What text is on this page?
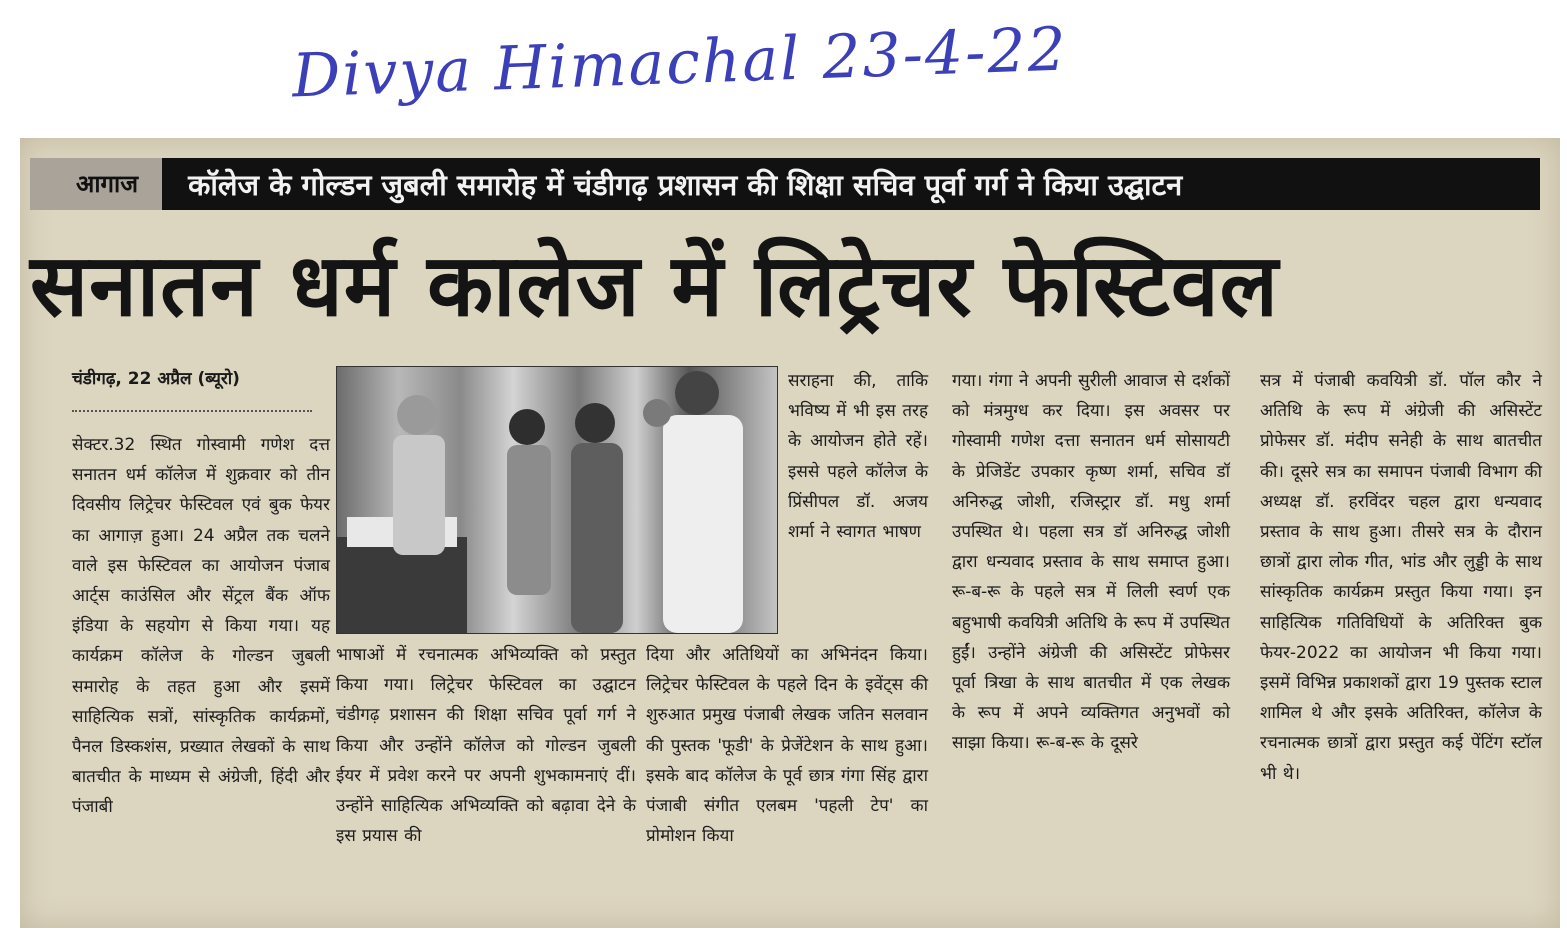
Divya Himachal 23-4-22
आगाज	कॉलेज के गोल्डन जुबली समारोह में चंडीगढ़ प्रशासन की शिक्षा सचिव पूर्वा गर्ग ने किया उद्घाटन
सनातन धर्म कालेज में लिट्रेचर फेस्टिवल
चंडीगढ़, 22 अप्रैल (ब्यूरो)
सेक्टर.32 स्थित गोस्वामी गणेश दत्त सनातन धर्म कॉलेज में शुक्रवार को तीन दिवसीय लिट्रेचर फेस्टिवल एवं बुक फेयर का आगाज़ हुआ। 24 अप्रैल तक चलने वाले इस फेस्टिवल का आयोजन पंजाब आर्ट्स काउंसिल और सेंट्रल बैंक ऑफ इंडिया के सहयोग से किया गया। यह कार्यक्रम कॉलेज के गोल्डन जुबली समारोह के तहत हुआ और इसमें साहित्यिक सत्रों, सांस्कृतिक कार्यक्रमों, पैनल डिस्कशंस, प्रख्यात लेखकों के साथ बातचीत के माध्यम से अंग्रेजी, हिंदी और पंजाबी
भाषाओं में रचनात्मक अभिव्यक्ति को प्रस्तुत किया गया। लिट्रेचर फेस्टिवल का उद्घाटन चंडीगढ़ प्रशासन की शिक्षा सचिव पूर्वा गर्ग ने किया और उन्होंने कॉलेज को गोल्डन जुबली ईयर में प्रवेश करने पर अपनी शुभकामनाएं दीं। उन्होंने साहित्यिक अभिव्यक्ति को बढ़ावा देने के इस प्रयास की
सराहना की, ताकि भविष्य में भी इस तरह के आयोजन होते रहें। इससे पहले कॉलेज के प्रिंसीपल डॉ. अजय शर्मा ने स्वागत भाषण
दिया और अतिथियों का अभिनंदन किया। लिट्रेचर फेस्टिवल के पहले दिन के इवेंट्स की शुरुआत प्रमुख पंजाबी लेखक जतिन सलवान की पुस्तक 'फूडी' के प्रेजेंटेशन के साथ हुआ। इसके बाद कॉलेज के पूर्व छात्र गंगा सिंह द्वारा पंजाबी संगीत एलबम 'पहली टेप' का प्रोमोशन किया
गया। गंगा ने अपनी सुरीली आवाज से दर्शकों को मंत्रमुग्ध कर दिया। इस अवसर पर गोस्वामी गणेश दत्ता सनातन धर्म सोसायटी के प्रेजिडेंट उपकार कृष्ण शर्मा, सचिव डॉ अनिरुद्ध जोशी, रजिस्ट्रार डॉ. मधु शर्मा उपस्थित थे। पहला सत्र डॉ अनिरुद्ध जोशी द्वारा धन्यवाद प्रस्ताव के साथ समाप्त हुआ। रू-ब-रू के पहले सत्र में लिली स्वर्ण एक बहुभाषी कवयित्री अतिथि के रूप में उपस्थित हुईं। उन्होंने अंग्रेजी की असिस्टेंट प्रोफेसर पूर्वा त्रिखा के साथ बातचीत में एक लेखक के रूप में अपने व्यक्तिगत अनुभवों को साझा किया। रू-ब-रू के दूसरे
सत्र में पंजाबी कवयित्री डॉ. पॉल कौर ने अतिथि के रूप में अंग्रेजी की असिस्टेंट प्रोफेसर डॉ. मंदीप सनेही के साथ बातचीत की। दूसरे सत्र का समापन पंजाबी विभाग की अध्यक्ष डॉ. हरविंदर चहल द्वारा धन्यवाद प्रस्ताव के साथ हुआ। तीसरे सत्र के दौरान छात्रों द्वारा लोक गीत, भांड और लुड्डी के साथ सांस्कृतिक कार्यक्रम प्रस्तुत किया गया। इन साहित्यिक गतिविधियों के अतिरिक्त बुक फेयर-2022 का आयोजन भी किया गया। इसमें विभिन्न प्रकाशकों द्वारा 19 पुस्तक स्टाल शामिल थे और इसके अतिरिक्त, कॉलेज के रचनात्मक छात्रों द्वारा प्रस्तुत कई पेंटिंग स्टॉल भी थे।
